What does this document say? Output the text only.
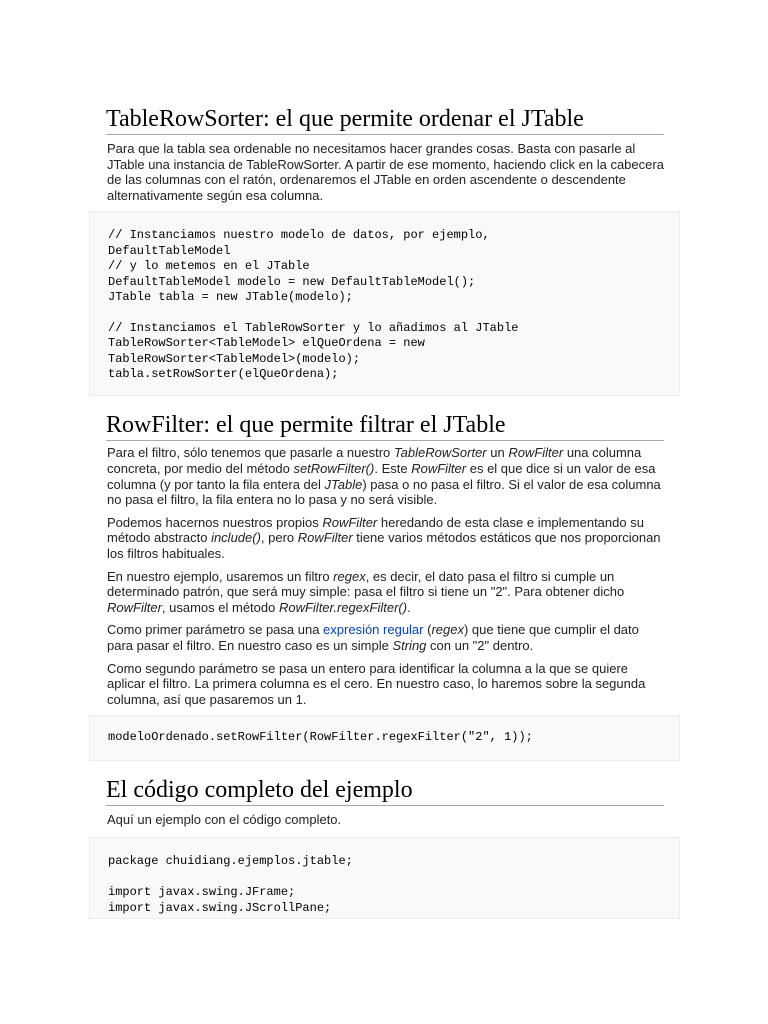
TableRowSorter: el que permite ordenar el JTable

Para que la tabla sea ordenable no necesitamos hacer grandes cosas. Basta con pasarle al JTable una instancia de TableRowSorter. A partir de ese momento, haciendo click en la cabecera de las columnas con el ratón, ordenaremos el JTable en orden ascendente o descendente alternativamente según esa columna.

// Instanciamos nuestro modelo de datos, por ejemplo,
DefaultTableModel
// y lo metemos en el JTable
DefaultTableModel modelo = new DefaultTableModel();
JTable tabla = new JTable(modelo);

// Instanciamos el TableRowSorter y lo añadimos al JTable
TableRowSorter<TableModel> elQueOrdena = new
TableRowSorter<TableModel>(modelo);
tabla.setRowSorter(elQueOrdena);
RowFilter: el que permite filtrar el JTable

Para el filtro, sólo tenemos que pasarle a nuestro TableRowSorter un RowFilter una columna concreta, por medio del método setRowFilter(). Este RowFilter es el que dice si un valor de esa columna (y por tanto la fila entera del JTable) pasa o no pasa el filtro. Si el valor de esa columna no pasa el filtro, la fila entera no lo pasa y no será visible.

Podemos hacernos nuestros propios RowFilter heredando de esta clase e implementando su método abstracto include(), pero RowFilter tiene varios métodos estáticos que nos proporcionan los filtros habituales.

En nuestro ejemplo, usaremos un filtro regex, es decir, el dato pasa el filtro si cumple un determinado patrón, que será muy simple: pasa el filtro si tiene un "2". Para obtener dicho RowFilter, usamos el método RowFilter.regexFilter().

Como primer parámetro se pasa una expresión regular (regex) que tiene que cumplir el dato para pasar el filtro. En nuestro caso es un simple String con un "2" dentro.

Como segundo parámetro se pasa un entero para identificar la columna a la que se quiere aplicar el filtro. La primera columna es el cero. En nuestro caso, lo haremos sobre la segunda columna, así que pasaremos un 1.

modeloOrdenado.setRowFilter(RowFilter.regexFilter("2", 1));
El código completo del ejemplo

Aquí un ejemplo con el código completo.

package chuidiang.ejemplos.jtable;

import javax.swing.JFrame;
import javax.swing.JScrollPane;
